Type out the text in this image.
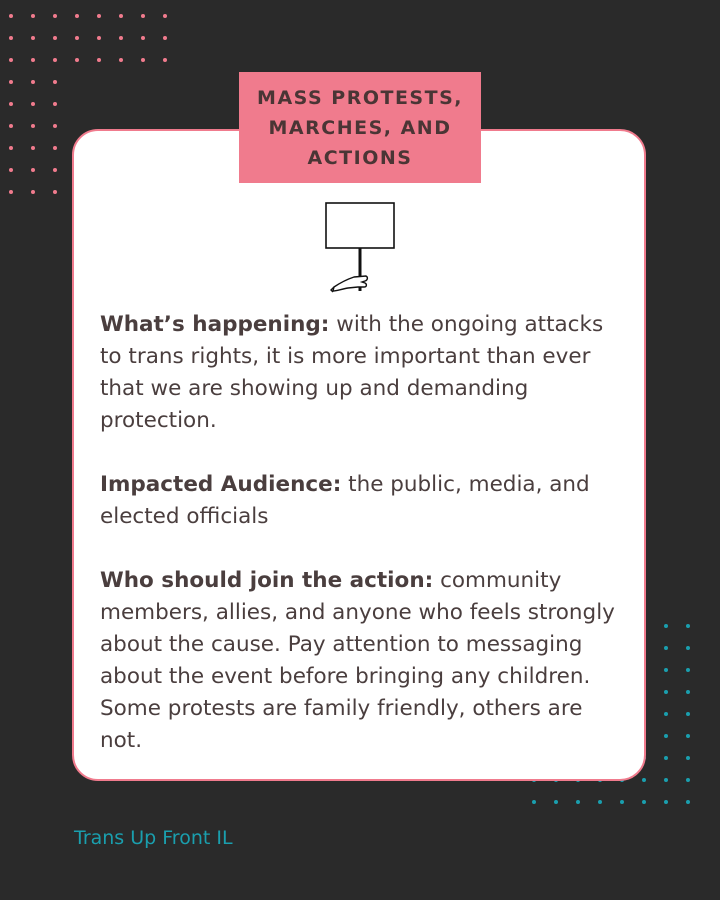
MASS PROTESTS, MARCHES, AND ACTIONS

What’s happening: with the ongoing attacks to trans rights, it is more important than ever that we are showing up and demanding protection.

Impacted Audience: the public, media, and elected officials

Who should join the action: community members, allies, and anyone who feels strongly about the cause. Pay attention to messaging about the event before bringing any children. Some protests are family friendly, others are not.

Trans Up Front IL
